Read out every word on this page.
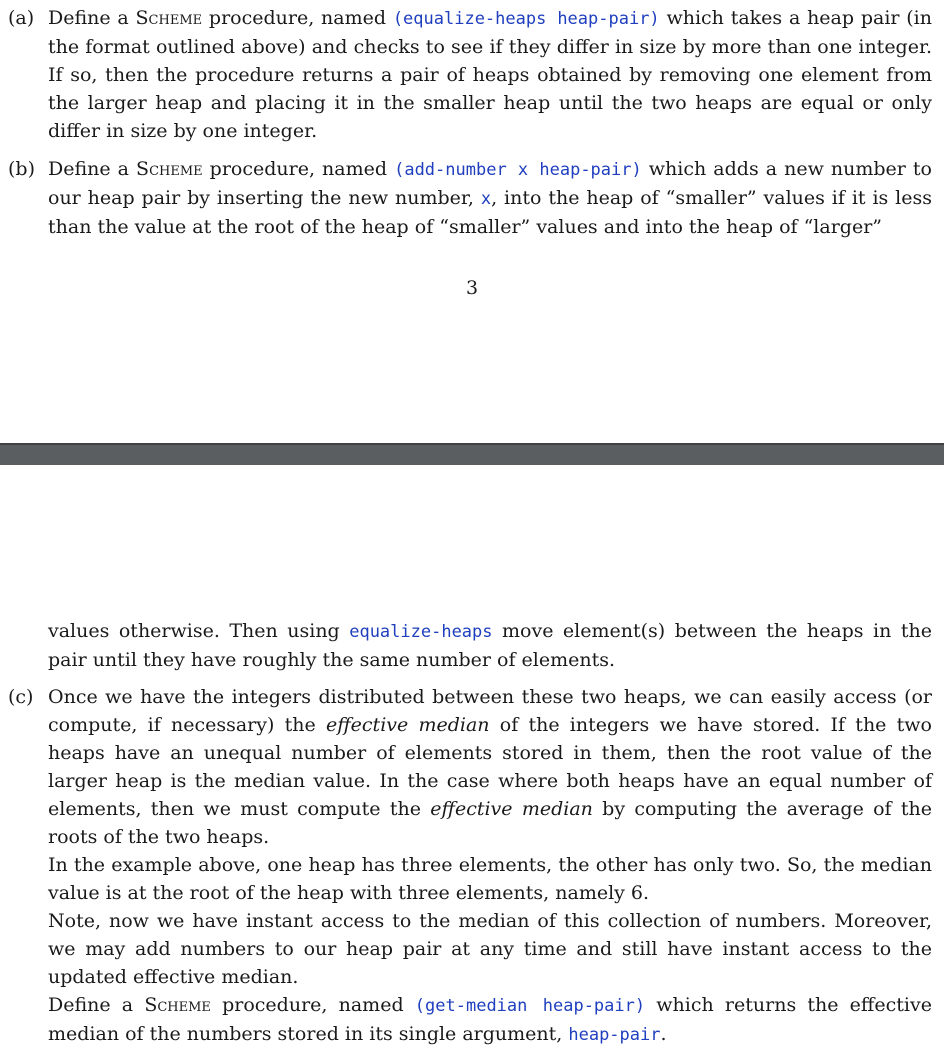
(a) Define a Scheme procedure, named (equalize-heaps heap-pair) which takes a heap pair (in the format outlined above) and checks to see if they differ in size by more than one integer. If so, then the procedure returns a pair of heaps obtained by removing one element from the larger heap and placing it in the smaller heap until the two heaps are equal or only differ in size by one integer.

(b) Define a Scheme procedure, named (add-number x heap-pair) which adds a new number to our heap pair by inserting the new number, x, into the heap of “smaller” values if it is less than the value at the root of the heap of “smaller” values and into the heap of “larger”

3

values otherwise. Then using equalize-heaps move element(s) between the heaps in the pair until they have roughly the same number of elements.

(c) Once we have the integers distributed between these two heaps, we can easily access (or compute, if necessary) the effective median of the integers we have stored. If the two heaps have an unequal number of elements stored in them, then the root value of the larger heap is the median value. In the case where both heaps have an equal number of elements, then we must compute the effective median by computing the average of the roots of the two heaps.

In the example above, one heap has three elements, the other has only two. So, the median value is at the root of the heap with three elements, namely 6.

Note, now we have instant access to the median of this collection of numbers. Moreover, we may add numbers to our heap pair at any time and still have instant access to the updated effective median.

Define a Scheme procedure, named (get-median heap-pair) which returns the effective median of the numbers stored in its single argument, heap-pair.
